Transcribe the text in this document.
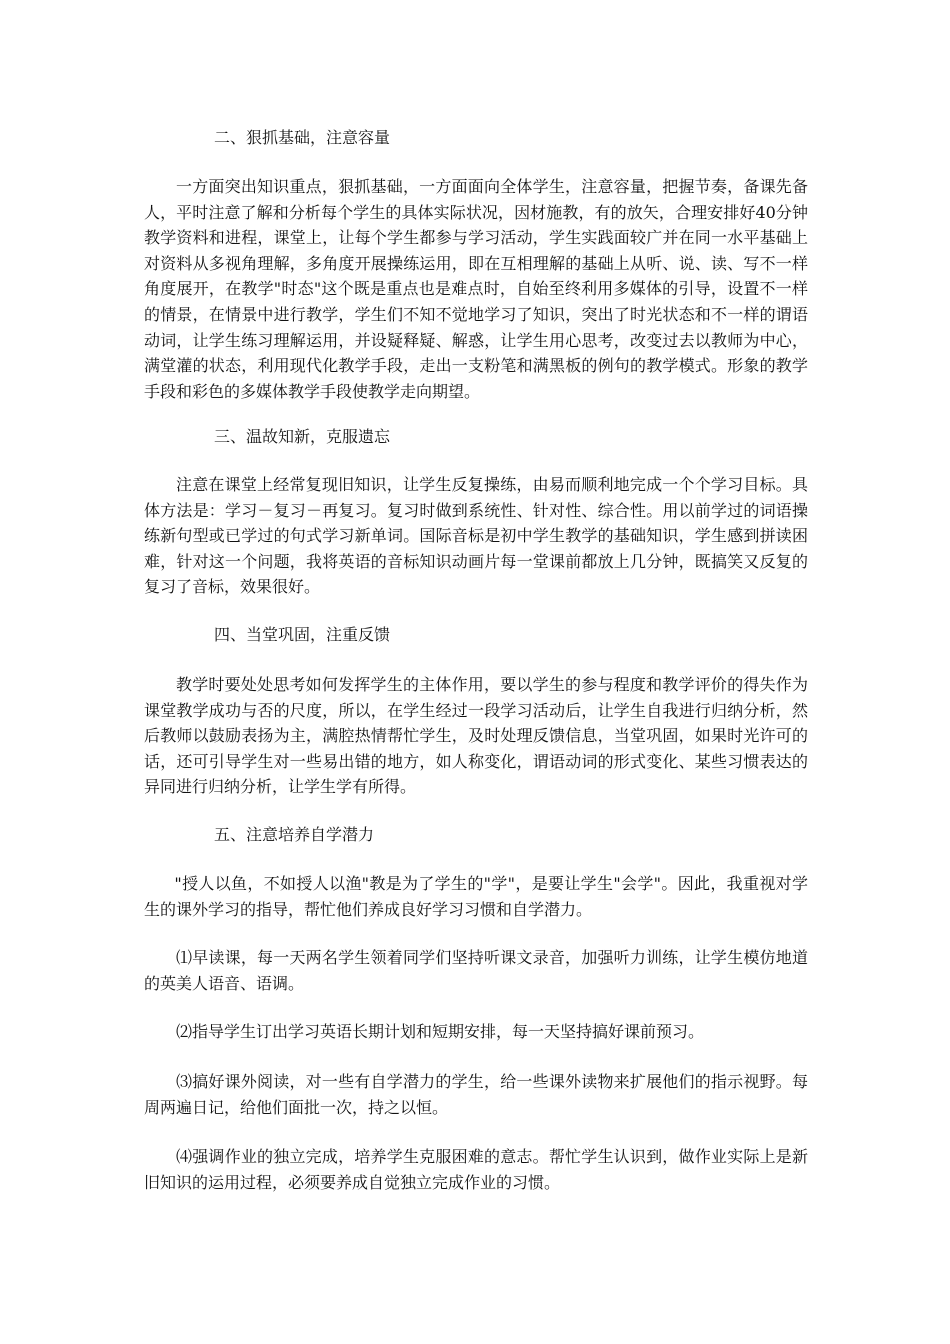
二、狠抓基础，注意容量

一方面突出知识重点，狠抓基础，一方面面向全体学生，注意容量，把握节奏，备课先备人，平时注意了解和分析每个学生的具体实际状况，因材施教，有的放矢，合理安排好40分钟教学资料和进程，课堂上，让每个学生都参与学习活动，学生实践面较广并在同一水平基础上对资料从多视角理解，多角度开展操练运用，即在互相理解的基础上从听、说、读、写不一样角度展开，在教学"时态"这个既是重点也是难点时，自始至终利用多媒体的引导，设置不一样的情景，在情景中进行教学，学生们不知不觉地学习了知识，突出了时光状态和不一样的谓语动词，让学生练习理解运用，并设疑释疑、解惑，让学生用心思考，改变过去以教师为中心，满堂灌的状态，利用现代化教学手段，走出一支粉笔和满黑板的例句的教学模式。形象的教学手段和彩色的多媒体教学手段使教学走向期望。

三、温故知新，克服遗忘

注意在课堂上经常复现旧知识，让学生反复操练，由易而顺利地完成一个个学习目标。具体方法是：学习－复习－再复习。复习时做到系统性、针对性、综合性。用以前学过的词语操练新句型或已学过的句式学习新单词。国际音标是初中学生教学的基础知识，学生感到拼读困难，针对这一个问题，我将英语的音标知识动画片每一堂课前都放上几分钟，既搞笑又反复的复习了音标，效果很好。

四、当堂巩固，注重反馈

教学时要处处思考如何发挥学生的主体作用，要以学生的参与程度和教学评价的得失作为课堂教学成功与否的尺度，所以，在学生经过一段学习活动后，让学生自我进行归纳分析，然后教师以鼓励表扬为主，满腔热情帮忙学生，及时处理反馈信息，当堂巩固，如果时光许可的话，还可引导学生对一些易出错的地方，如人称变化，谓语动词的形式变化、某些习惯表达的异同进行归纳分析，让学生学有所得。

五、注意培养自学潜力

"授人以鱼，不如授人以渔"教是为了学生的"学"，是要让学生"会学"。因此，我重视对学生的课外学习的指导，帮忙他们养成良好学习习惯和自学潜力。

⑴早读课，每一天两名学生领着同学们坚持听课文录音，加强听力训练，让学生模仿地道的英美人语音、语调。

⑵指导学生订出学习英语长期计划和短期安排，每一天坚持搞好课前预习。

⑶搞好课外阅读，对一些有自学潜力的学生，给一些课外读物来扩展他们的指示视野。每周两遍日记，给他们面批一次，持之以恒。

⑷强调作业的独立完成，培养学生克服困难的意志。帮忙学生认识到，做作业实际上是新旧知识的运用过程，必须要养成自觉独立完成作业的习惯。
